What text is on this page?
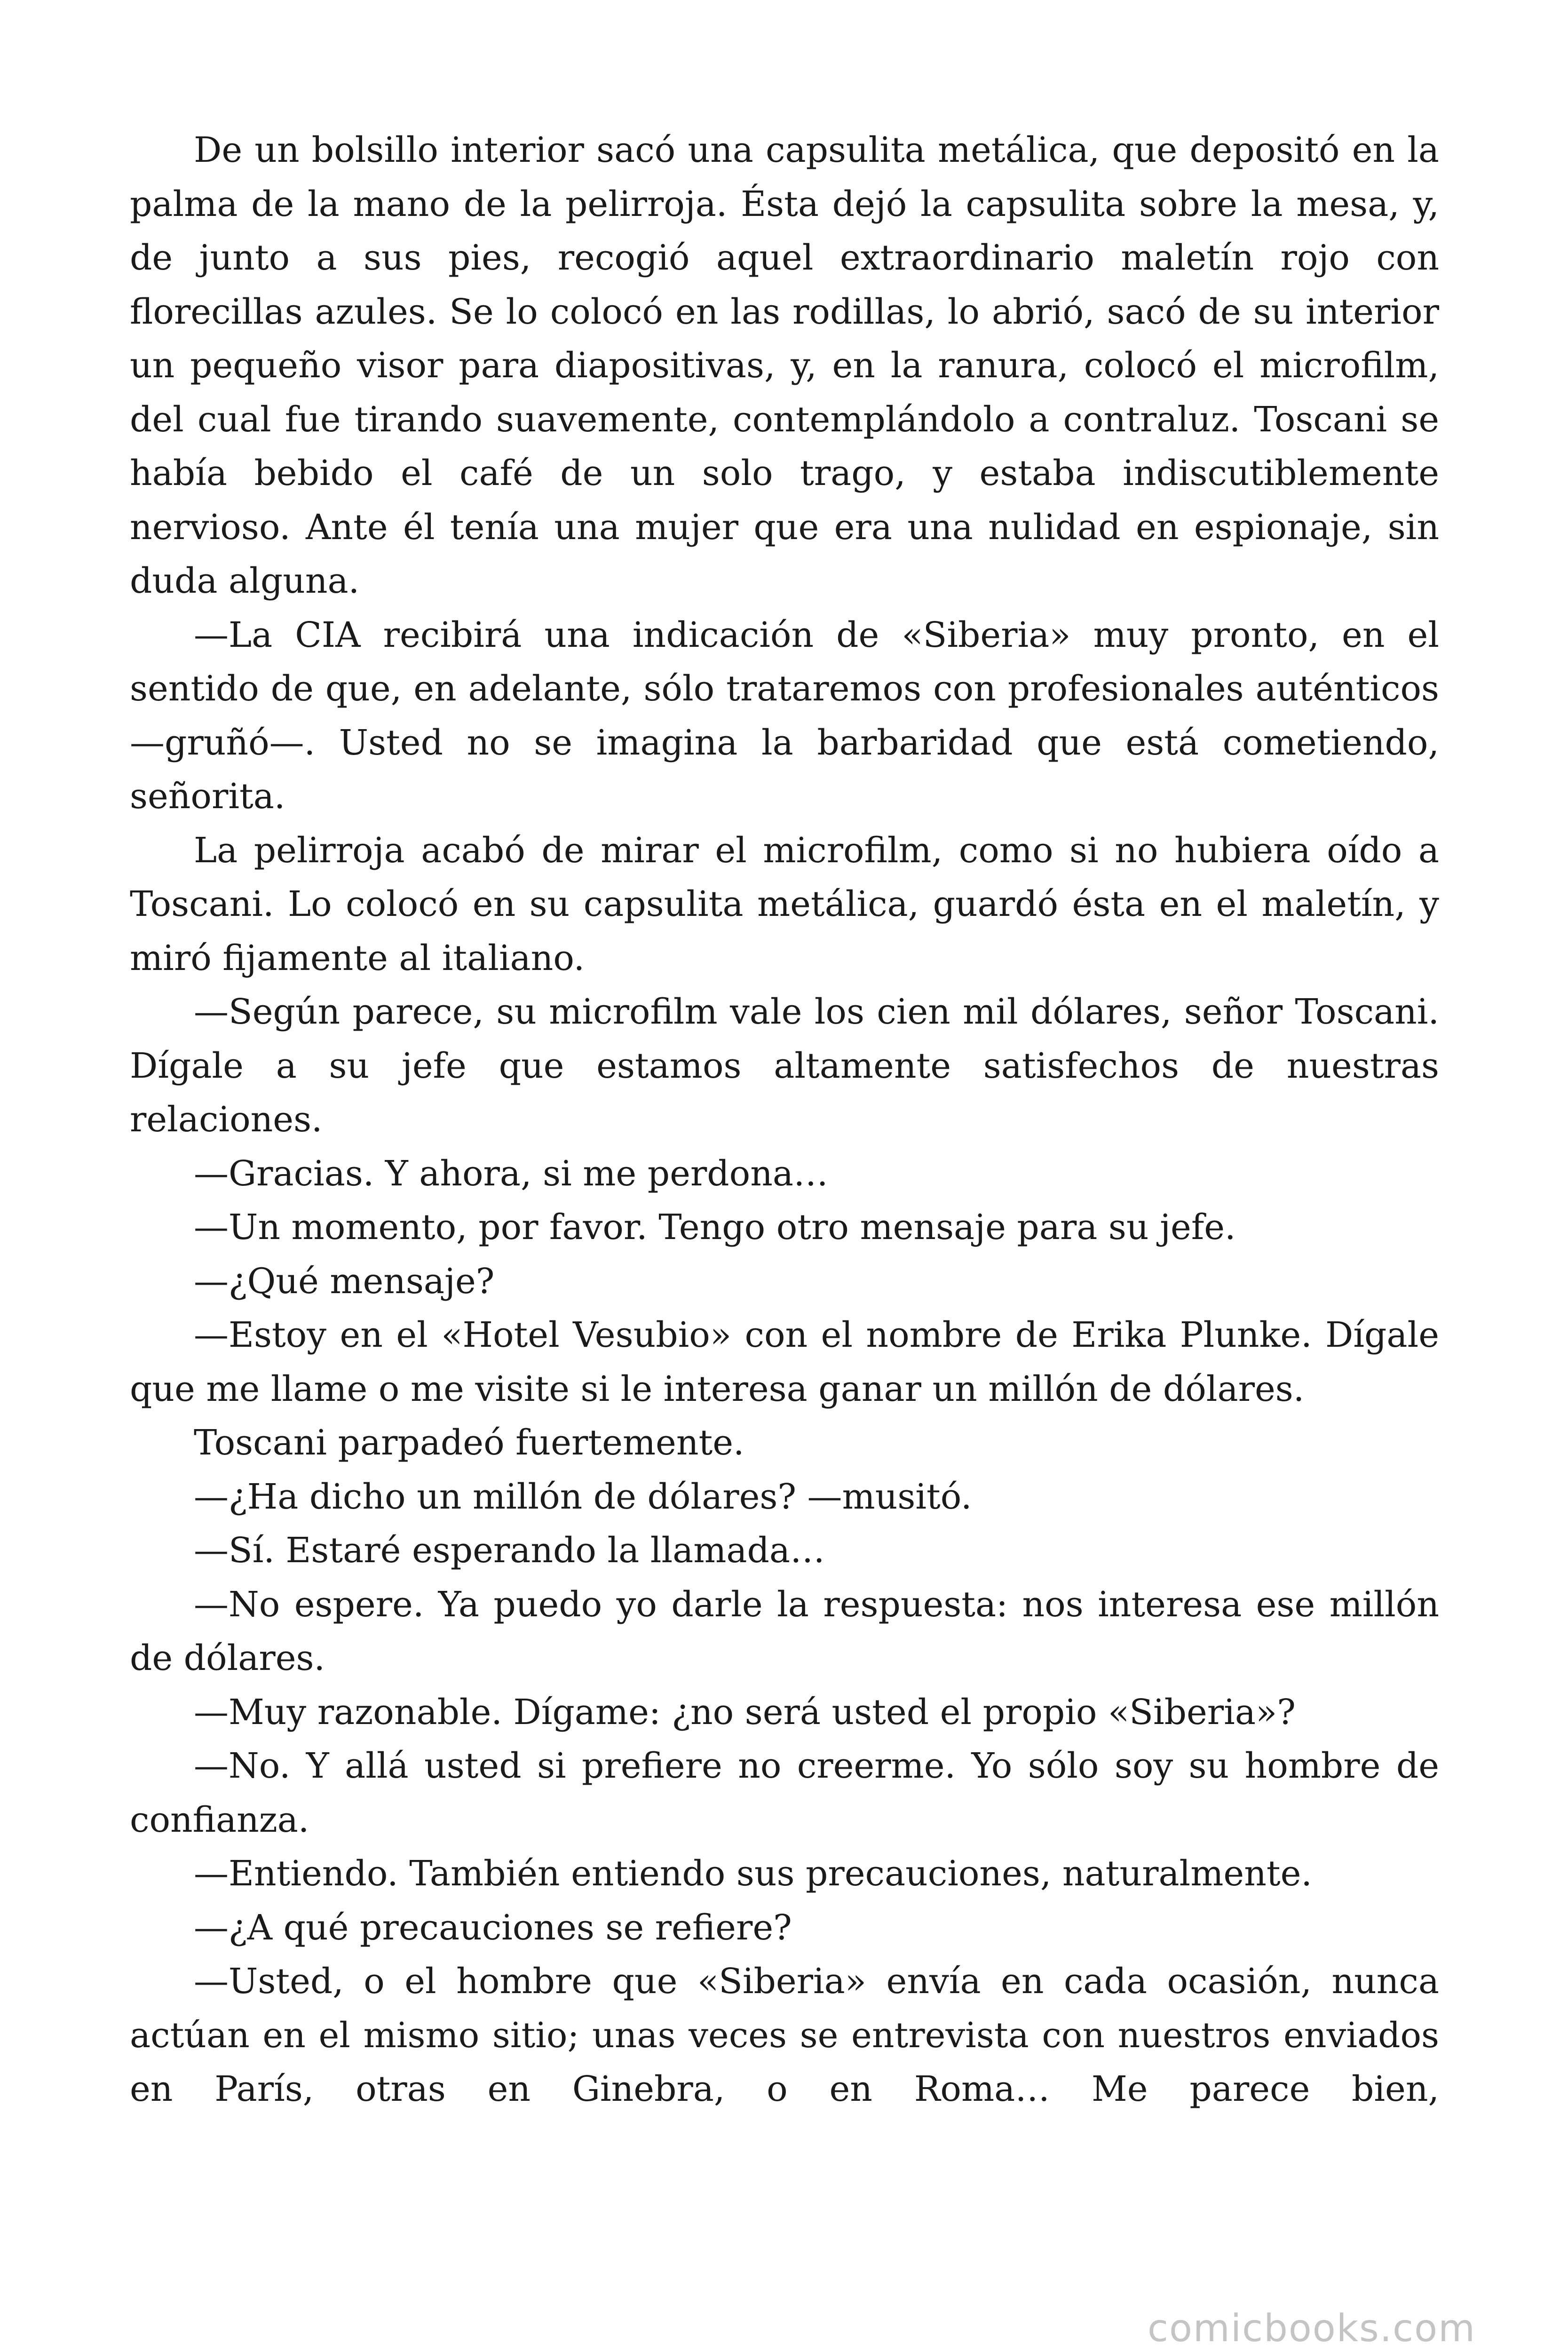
De un bolsillo interior sacó una capsulita metálica, que depositó en la palma de la mano de la pelirroja. Ésta dejó la capsulita sobre la mesa, y, de junto a sus pies, recogió aquel extraordinario maletín rojo con florecillas azules. Se lo colocó en las rodillas, lo abrió, sacó de su interior un pequeño visor para diapositivas, y, en la ranura, colocó el microfilm, del cual fue tirando suavemente, contemplándolo a contraluz. Toscani se había bebido el café de un solo trago, y estaba indiscutiblemente nervioso. Ante él tenía una mujer que era una nulidad en espionaje, sin duda alguna.

—La CIA recibirá una indicación de «Siberia» muy pronto, en el sentido de que, en adelante, sólo trataremos con profesionales auténticos —gruñó—. Usted no se imagina la barbaridad que está cometiendo, señorita.

La pelirroja acabó de mirar el microfilm, como si no hubiera oído a Toscani. Lo colocó en su capsulita metálica, guardó ésta en el maletín, y miró fijamente al italiano.

—Según parece, su microfilm vale los cien mil dólares, señor Toscani. Dígale a su jefe que estamos altamente satisfechos de nuestras relaciones.

—Gracias. Y ahora, si me perdona…

—Un momento, por favor. Tengo otro mensaje para su jefe.

—¿Qué mensaje?

—Estoy en el «Hotel Vesubio» con el nombre de Erika Plunke. Dígale que me llame o me visite si le interesa ganar un millón de dólares.

Toscani parpadeó fuertemente.

—¿Ha dicho un millón de dólares? —musitó.

—Sí. Estaré esperando la llamada…

—No espere. Ya puedo yo darle la respuesta: nos interesa ese millón de dólares.

—Muy razonable. Dígame: ¿no será usted el propio «Siberia»?

—No. Y allá usted si prefiere no creerme. Yo sólo soy su hombre de confianza.

—Entiendo. También entiendo sus precauciones, naturalmente.

—¿A qué precauciones se refiere?

—Usted, o el hombre que «Siberia» envía en cada ocasión, nunca actúan en el mismo sitio; unas veces se entrevista con nuestros enviados en París, otras en Ginebra, o en Roma… Me parece bien,

comicbooks.com
